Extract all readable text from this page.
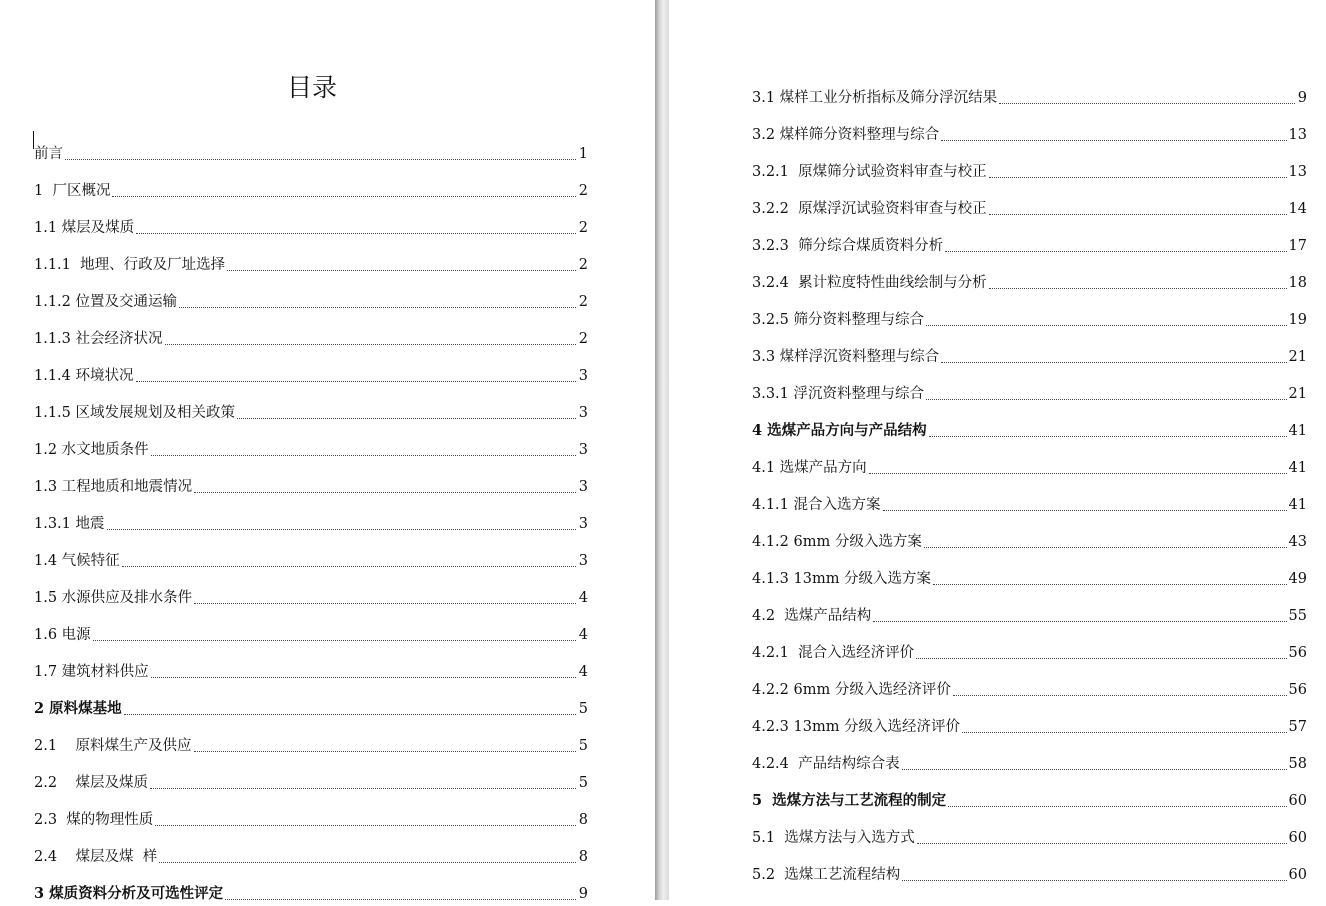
目录
前言	1
1  厂区概况	2
1.1 煤层及煤质	2
1.1.1  地理、行政及厂址选择	2
1.1.2 位置及交通运输	2
1.1.3 社会经济状况	2
1.1.4 环境状况	3
1.1.5 区域发展规划及相关政策	3
1.2 水文地质条件	3
1.3 工程地质和地震情况	3
1.3.1 地震	3
1.4 气候特征	3
1.5 水源供应及排水条件	4
1.6 电源	4
1.7 建筑材料供应	4
2 原料煤基地	5
2.1    原料煤生产及供应	5
2.2    煤层及煤质	5
2.3  煤的物理性质	8
2.4    煤层及煤  样	8
3 煤质资料分析及可选性评定	9
3.1 煤样工业分析指标及筛分浮沉结果	9
3.2 煤样筛分资料整理与综合	13
3.2.1  原煤筛分试验资料审查与校正	13
3.2.2  原煤浮沉试验资料审查与校正	14
3.2.3  筛分综合煤质资料分析	17
3.2.4  累计粒度特性曲线绘制与分析	18
3.2.5 筛分资料整理与综合	19
3.3 煤样浮沉资料整理与综合	21
3.3.1 浮沉资料整理与综合	21
4 选煤产品方向与产品结构	41
4.1 选煤产品方向	41
4.1.1 混合入选方案	41
4.1.2 6mm 分级入选方案	43
4.1.3 13mm 分级入选方案	49
4.2  选煤产品结构	55
4.2.1  混合入选经济评价	56
4.2.2 6mm 分级入选经济评价	56
4.2.3 13mm 分级入选经济评价	57
4.2.4  产品结构综合表	58
5  选煤方法与工艺流程的制定	60
5.1  选煤方法与入选方式	60
5.2  选煤工艺流程结构	60
